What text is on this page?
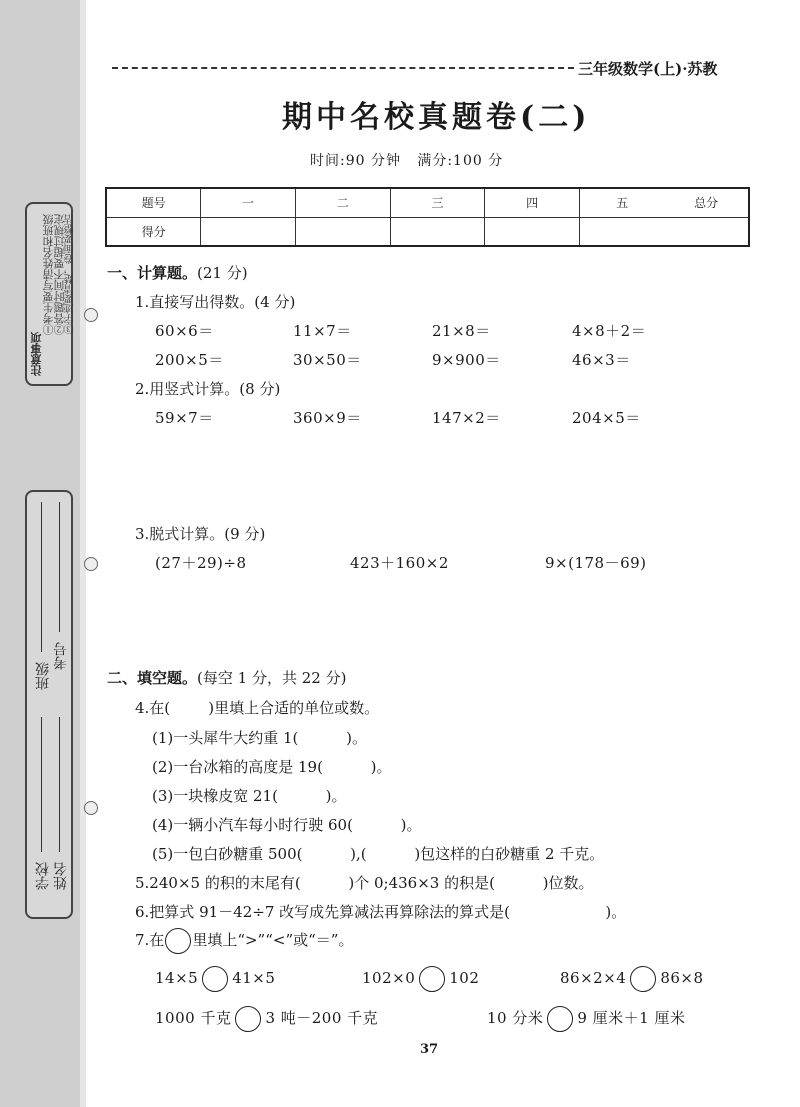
注意事项
①考生要写清姓名和班级
②答题时间不要超过规定 ③字迹要清楚，卷面要整洁
班级
考号
学校 姓名
三年级数学(上)·苏教
期中名校真题卷(二)
时间:90 分钟   满分:100 分
题号	一	二	三	四	五	总分
得分						
一、计算题。(21 分)
1.直接写出得数。(4 分)
60×6＝	11×7＝	21×8＝	4×8＋2＝
200×5＝	30×50＝	9×900＝	46×3＝
2.用竖式计算。(8 分)
59×7＝	360×9＝	147×2＝	204×5＝
3.脱式计算。(9 分)
(27＋29)÷8	423＋160×2	9×(178－69)
二、填空题。(每空 1 分，共 22 分)
4.在(        )里填上合适的单位或数。
(1)一头犀牛大约重 1(          )。
(2)一台冰箱的高度是 19(          )。
(3)一块橡皮宽 21(          )。
(4)一辆小汽车每小时行驶 60(          )。
(5)一包白砂糖重 500(          ),(          )包这样的白砂糖重 2 千克。
5.240×5 的积的末尾有(          )个 0;436×3 的积是(          )位数。
6.把算式 91－42÷7 改写成先算减法再算除法的算式是(                    )。
7.在 里填上“>”“<”或“＝”。
14×5 41×5	102×0 102	86×2×4 86×8
1000 千克 3 吨－200 千克	10 分米 9 厘米＋1 厘米
37
